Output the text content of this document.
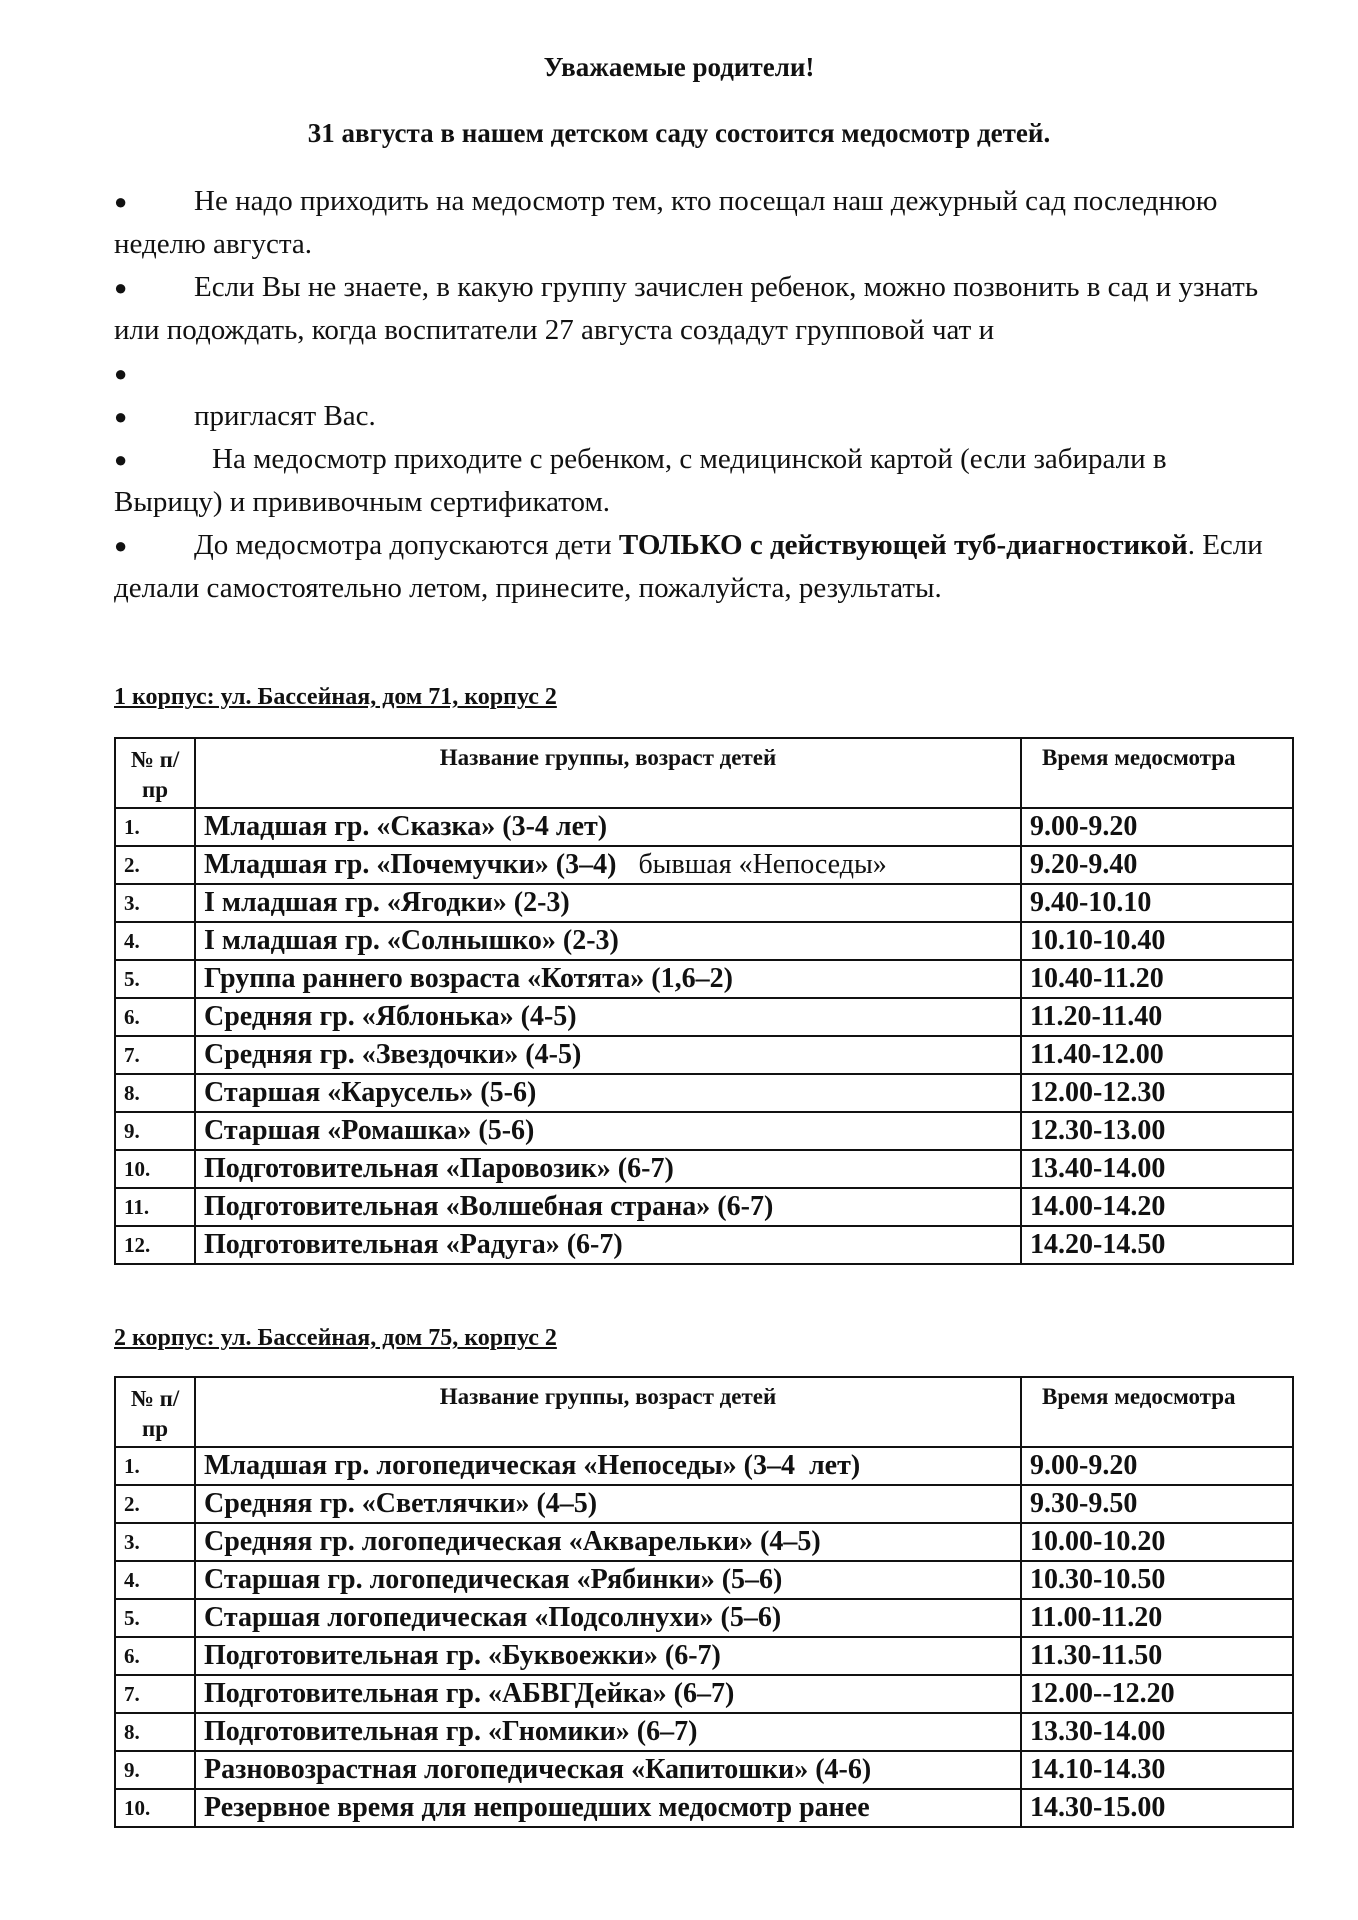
Уважаемые родители!
31 августа в нашем детском саду состоится медосмотр детей.
● Не надо приходить на медосмотр тем, кто посещал наш дежурный сад последнюю неделю августа.
● Если Вы не знаете, в какую группу зачислен ребенок, можно позвонить в сад и узнать или подождать, когда воспитатели 27 августа создадут групповой чат и
●

● пригласят Вас.
●	На медосмотр приходите с ребенком, с медицинской картой (если забирали в Вырицу) и прививочным сертификатом.
● До медосмотра допускаются дети ТОЛЬКО с действующей туб-диагностикой. Если делали самостоятельно летом, принесите, пожалуйста, результаты.
1 корпус: ул. Бассейная, дом 71, корпус 2
№ п/пр	Название группы, возраст детей	Время медосмотра
1.	Младшая гр. «Сказка» (3-4 лет)	9.00-9.20
2.	Младшая гр. «Почемучки» (3–4) бывшая «Непоседы»	9.20-9.40
3.	I младшая гр. «Ягодки» (2-3)	9.40-10.10
4.	I младшая гр. «Солнышко» (2-3)	10.10-10.40
5.	Группа раннего возраста «Котята» (1,6–2)	10.40-11.20
6.	Средняя гр. «Яблонька» (4-5)	11.20-11.40
7.	Средняя гр. «Звездочки» (4-5)	11.40-12.00
8.	Старшая «Карусель» (5-6)	12.00-12.30
9.	Старшая «Ромашка» (5-6)	12.30-13.00
10.	Подготовительная «Паровозик» (6-7)	13.40-14.00
11.	Подготовительная «Волшебная страна» (6-7)	14.00-14.20
12.	Подготовительная «Радуга» (6-7)	14.20-14.50
2 корпус: ул. Бассейная, дом 75, корпус 2
№ п/пр	Название группы, возраст детей	Время медосмотра
1.	Младшая гр. логопедическая «Непоседы» (3–4  лет)	9.00-9.20
2.	Средняя гр. «Светлячки» (4–5)	9.30-9.50
3.	Средняя гр. логопедическая «Акварельки» (4–5)	10.00-10.20
4.	Старшая гр. логопедическая «Рябинки» (5–6)	10.30-10.50
5.	Старшая логопедическая «Подсолнухи» (5–6)	11.00-11.20
6.	Подготовительная гр. «Буквоежки» (6-7)	11.30-11.50
7.	Подготовительная гр. «АБВГДейка» (6–7)	12.00--12.20
8.	Подготовительная гр. «Гномики» (6–7)	13.30-14.00
9.	Разновозрастная логопедическая «Капитошки» (4-6)	14.10-14.30
10.	Резервное время для непрошедших медосмотр ранее	14.30-15.00
